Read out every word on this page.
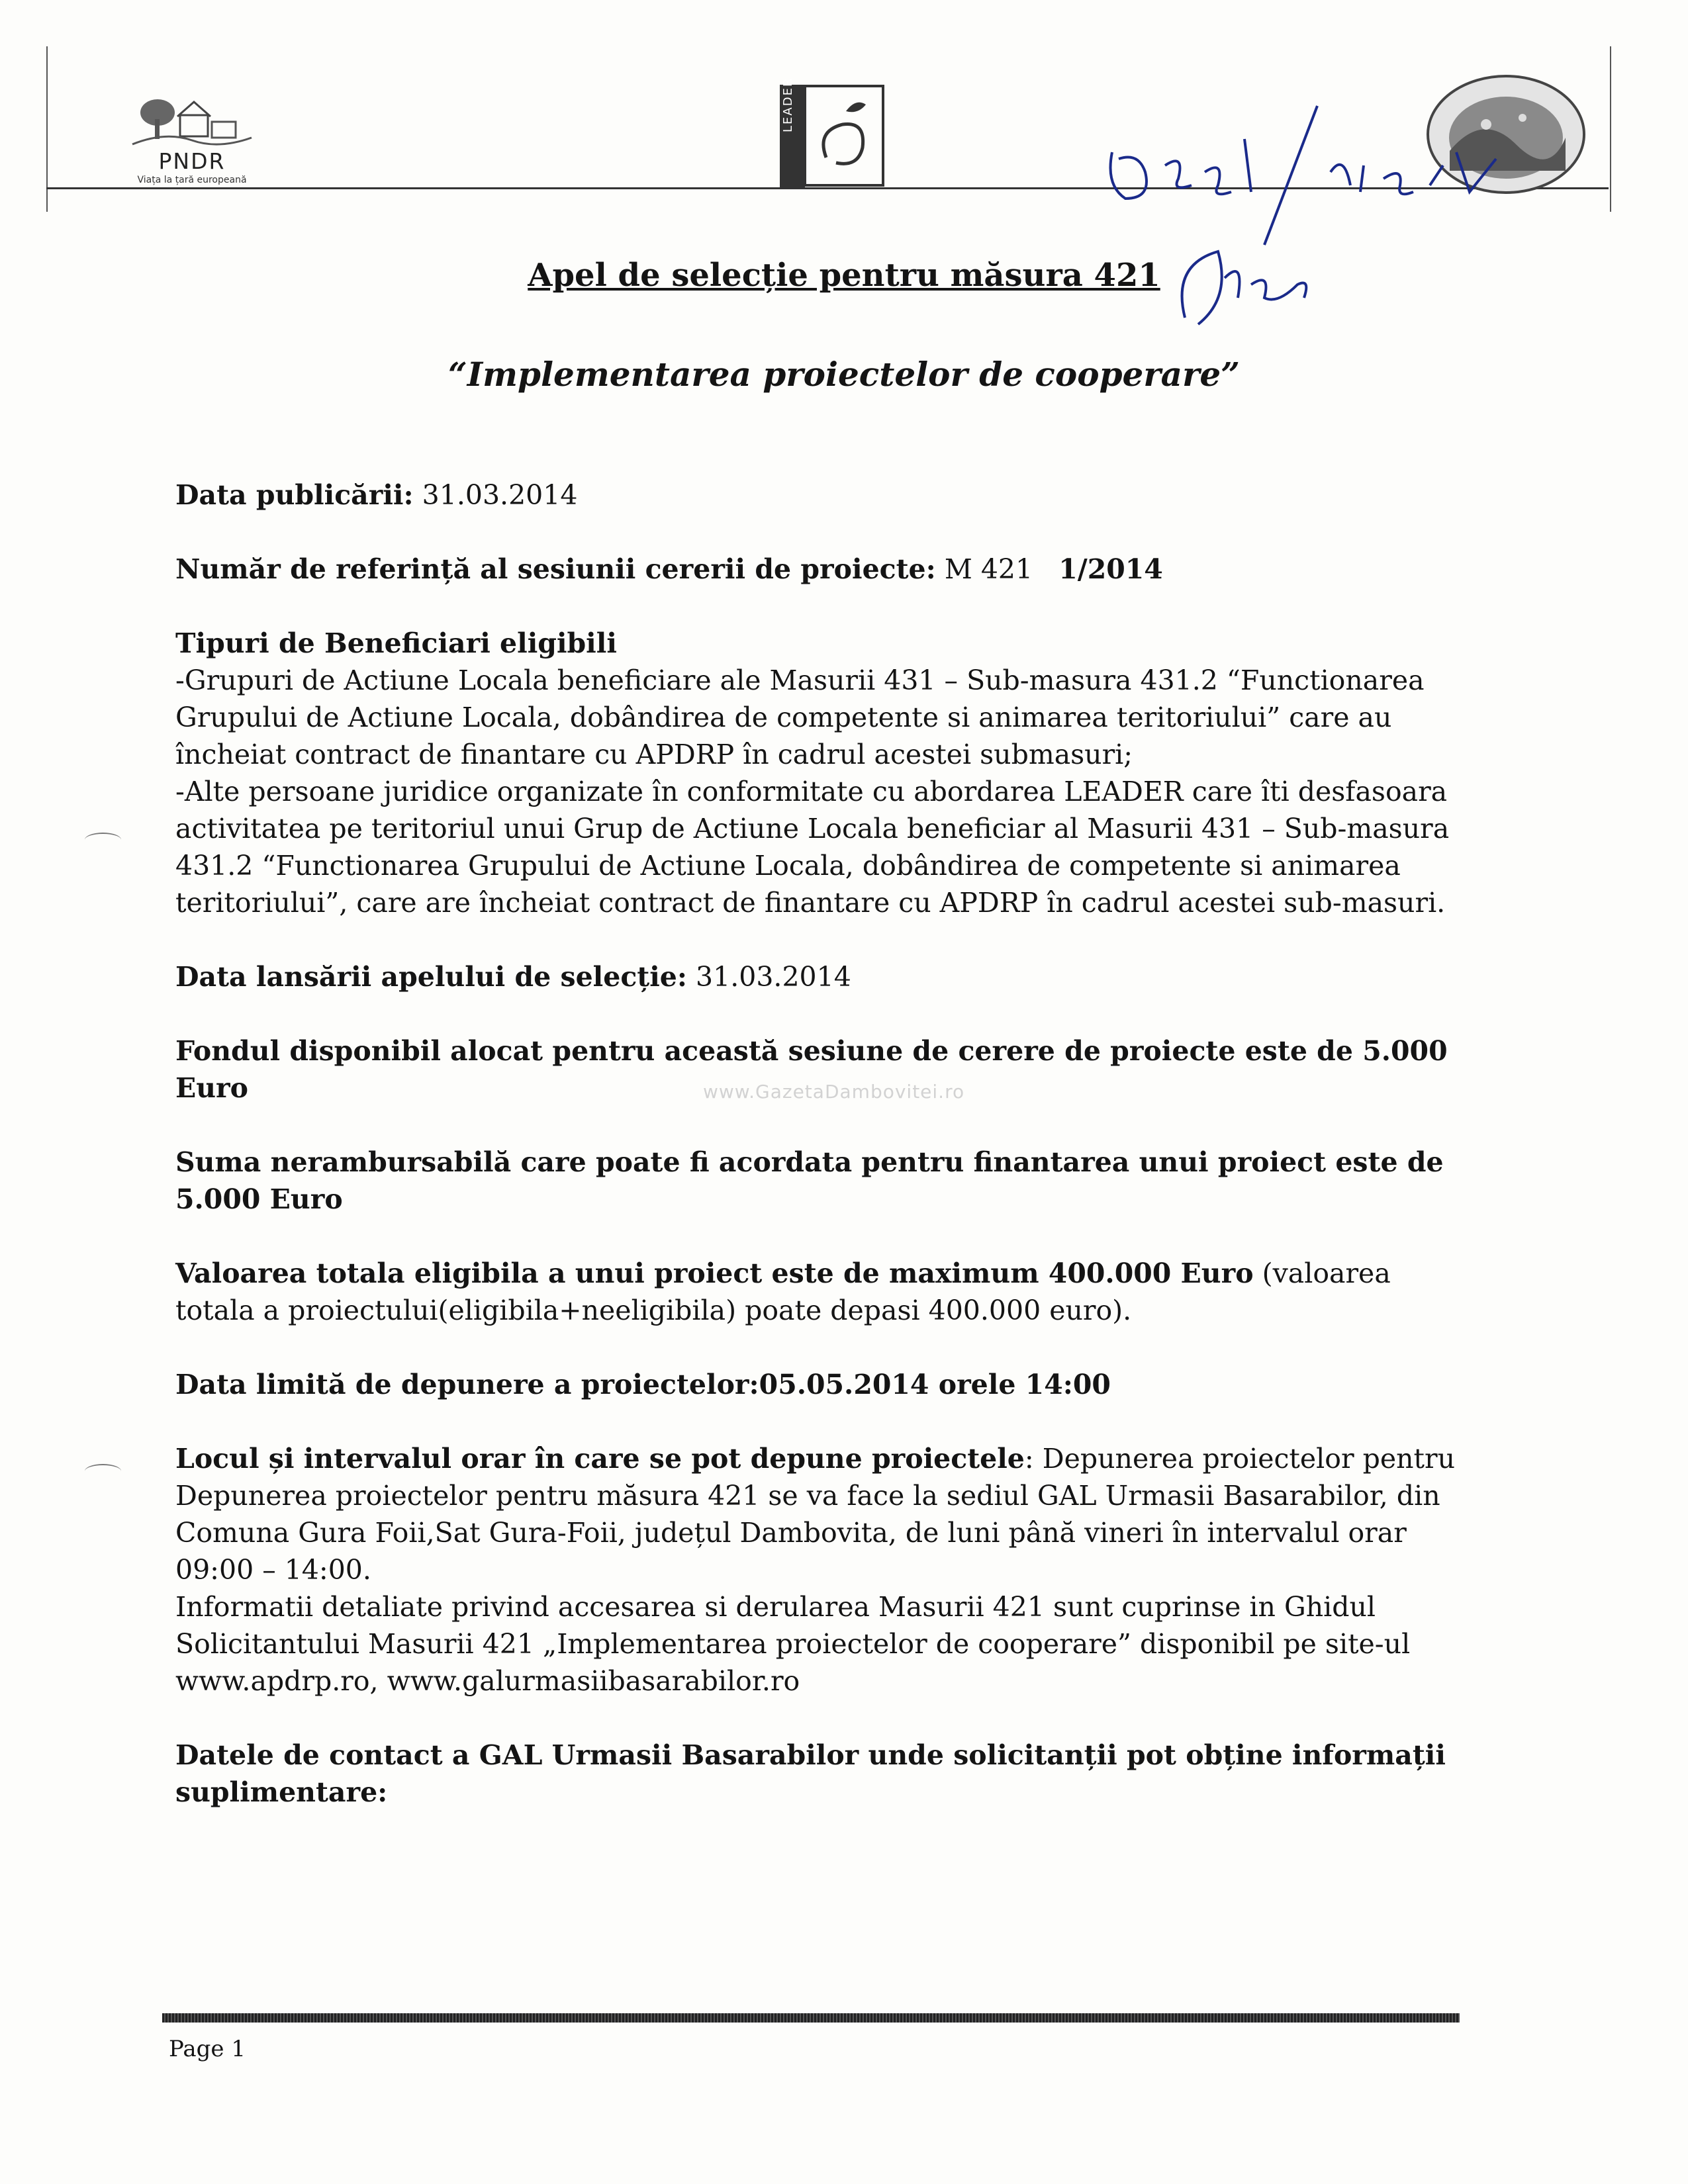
PNDR
Viața la țară europeană
LEADER
Apel de selecție pentru măsura 421
“Implementarea proiectelor de cooperare”

Data publicării: 31.03.2014

Număr de referință al sesiunii cererii de proiecte: M 421 1/2014

Tipuri de Beneficiari eligibili

-Grupuri de Actiune Locala beneficiare ale Masurii 431 – Sub-masura 431.2 “Functionarea Grupului de Actiune Locala, dobândirea de competente si animarea teritoriului” care au încheiat contract de finantare cu APDRP în cadrul acestei submasuri;

-Alte persoane juridice organizate în conformitate cu abordarea LEADER care îti desfasoara activitatea pe teritoriul unui Grup de Actiune Locala beneficiar al Masurii 431 – Sub-masura 431.2 “Functionarea Grupului de Actiune Locala, dobândirea de competente si animarea teritoriului”, care are încheiat contract de finantare cu APDRP în cadrul acestei sub-masuri.

Data lansării apelului de selecție: 31.03.2014

Fondul disponibil alocat pentru această sesiune de cerere de proiecte este de 5.000 Euro

Suma nerambursabilă care poate fi acordata pentru finantarea unui proiect este de 5.000 Euro

Valoarea totala eligibila a unui proiect este de maximum 400.000 Euro (valoarea totala a proiectului(eligibila+neeligibila) poate depasi 400.000 euro).

Data limită de depunere a proiectelor:05.05.2014 orele 14:00

Locul și intervalul orar în care se pot depune proiectele: Depunerea proiectelor pentru Depunerea proiectelor pentru măsura 421 se va face la sediul GAL Urmasii Basarabilor, din Comuna Gura Foii,Sat Gura-Foii, județul Dambovita, de luni până vineri în intervalul orar 09:00 – 14:00.

Informatii detaliate privind accesarea si derularea Masurii 421 sunt cuprinse in Ghidul Solicitantului Masurii 421 „Implementarea proiectelor de cooperare” disponibil pe site-ul www.apdrp.ro, www.galurmasiibasarabilor.ro

Datele de contact a GAL Urmasii Basarabilor unde solicitanții pot obține informații suplimentare:

www.GazetaDambovitei.ro
Page 1
